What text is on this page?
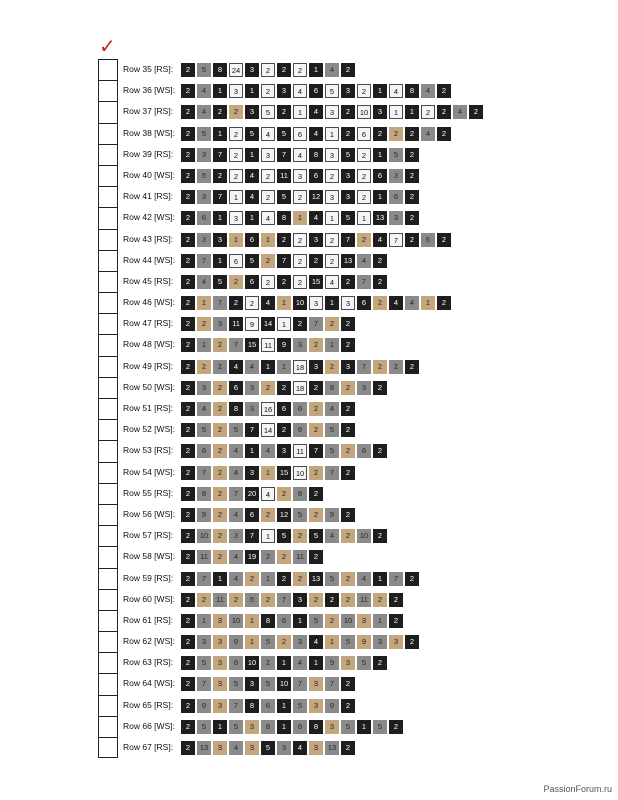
✓
Row 35 [RS]:	2	5	8	24	3	2	2	2	1	4	2
Row 36 [WS]:	2	4	1	3	1	2	3	4	6	5	3	2	1	4	8	4	2
Row 37 [RS]:	2	4	2	2	3	5	2	1	4	3	2	10	3	1	1	2	2	4	2
Row 38 [WS]:	2	5	1	2	5	4	5	6	4	1	2	6	2	2	2	4	2
Row 39 [RS]:	2	3	7	2	1	3	7	4	8	3	5	2	1	5	2
Row 40 [WS]:	2	5	2	2	4	2	11	3	6	2	3	2	6	3	2
Row 41 [RS]:	2	3	7	1	4	2	5	2	12	3	3	2	1	6	2
Row 42 [WS]:	2	6	1	3	1	4	8	1	4	1	5	1	13	3	2
Row 43 [RS]:	2	3	3	1	6	1	2	2	3	2	7	2	4	7	2	6	2
Row 44 [WS]:	2	7	1	6	5	2	7	2	2	2	13	4	2
Row 45 [RS]:	2	4	5	2	6	2	2	2	15	4	2	7	2
Row 46 [WS]:	2	1	7	2	2	4	1	10	3	1	3	6	2	4	4	1	2
Row 47 [RS]:	2	2	3	11	9	14	1	2	7	2	2
Row 48 [WS]:	2	1	2	7	15	11	9	3	2	1	2
Row 49 [RS]:	2	2	2	4	4	1	1	18	3	2	3	7	2	2	2
Row 50 [WS]:	2	3	2	6	3	2	2	18	2	8	2	3	2
Row 51 [RS]:	2	4	2	8	3	16	6	6	2	4	2
Row 52 [WS]:	2	5	2	5	7	14	2	9	2	5	2
Row 53 [RS]:	2	6	2	4	1	4	3	11	7	5	2	6	2
Row 54 [WS]:	2	7	2	4	3	1	15	10	2	7	2
Row 55 [RS]:	2	8	2	7	20	4	2	8	2
Row 56 [WS]:	2	9	2	4	6	2	12	5	2	9	2
Row 57 [RS]:	2	10	2	3	7	1	5	2	5	4	2	10	2
Row 58 [WS]:	2	11	2	4	19	2	2	11	2
Row 59 [RS]:	2	7	1	4	2	1	2	2	13	5	2	4	1	7	2
Row 60 [WS]:	2	2	11	2	5	2	7	3	2	2	2	11	2	2
Row 61 [RS]:	2	1	3	10	1	8	6	1	5	2	10	3	1	2
Row 62 [WS]:	2	3	3	9	1	5	2	3	4	1	5	9	3	3	2
Row 63 [RS]:	2	5	3	6	10	2	1	4	1	9	3	5	2
Row 64 [WS]:	2	7	3	5	3	5	10	7	3	7	2
Row 65 [RS]:	2	9	3	7	8	6	1	5	3	9	2
Row 66 [WS]:	2	5	1	5	3	8	1	6	8	3	5	1	5	2
Row 67 [RS]:	2	13	3	4	3	5	3	4	3	13	2
PassionForum.ru
